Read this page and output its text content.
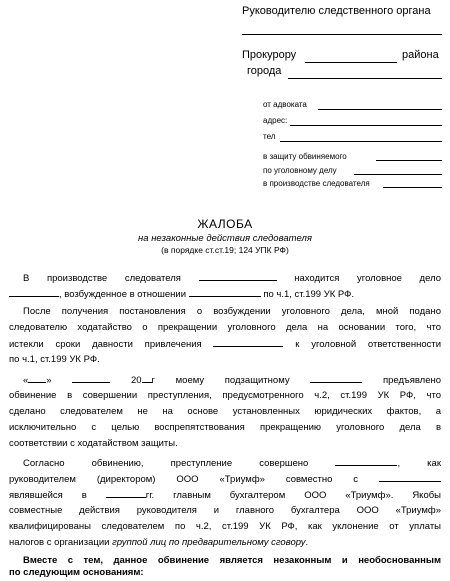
Руководителю следственного органа
Прокурору	района
города
от адвоката
адрес:
тел
в защиту обвиняемого
по уголовному делу
в производстве следователя
ЖАЛОБА
на незаконные действия следователя
(в порядке ст.ст.19; 124 УПК РФ)
В производстве следователя	находится уголовное дело
, возбужденное в отношении	по ч.1, ст.199 УК РФ.
После получения постановления о возбуждении уголовного дела, мной подано
следователю ходатайство о прекращении уголовного дела на основании того, что
истекли сроки давности привлечения	к уголовной ответственности
по ч.1, ст.199 УК РФ.
« »	20 г моему подзащитному	предъявлено
обвинение в совершении преступления, предусмотренного ч.2, ст.199 УК РФ, что
сделано следователем не на основе установленных юридических фактов, а
исключительно с целью воспрепятствования прекращению уголовного дела в
соответствии с ходатайством защиты.
Согласно обвинению, преступление совершено	, как
руководителем (директором) ООО «Триумф» совместно с
являвшейся в	гг. главным бухгалтером ООО «Триумф». Якобы
совместные действия руководителя и главного бухгалтера ООО «Триумф»
квалифицированы следователем по ч.2, ст.199 УК РФ, как уклонение от уплаты
налогов с организации группой лиц по предварительному сговору.
Вместе с тем, данное обвинение является незаконным и необоснованным
по следующим основаниям:
